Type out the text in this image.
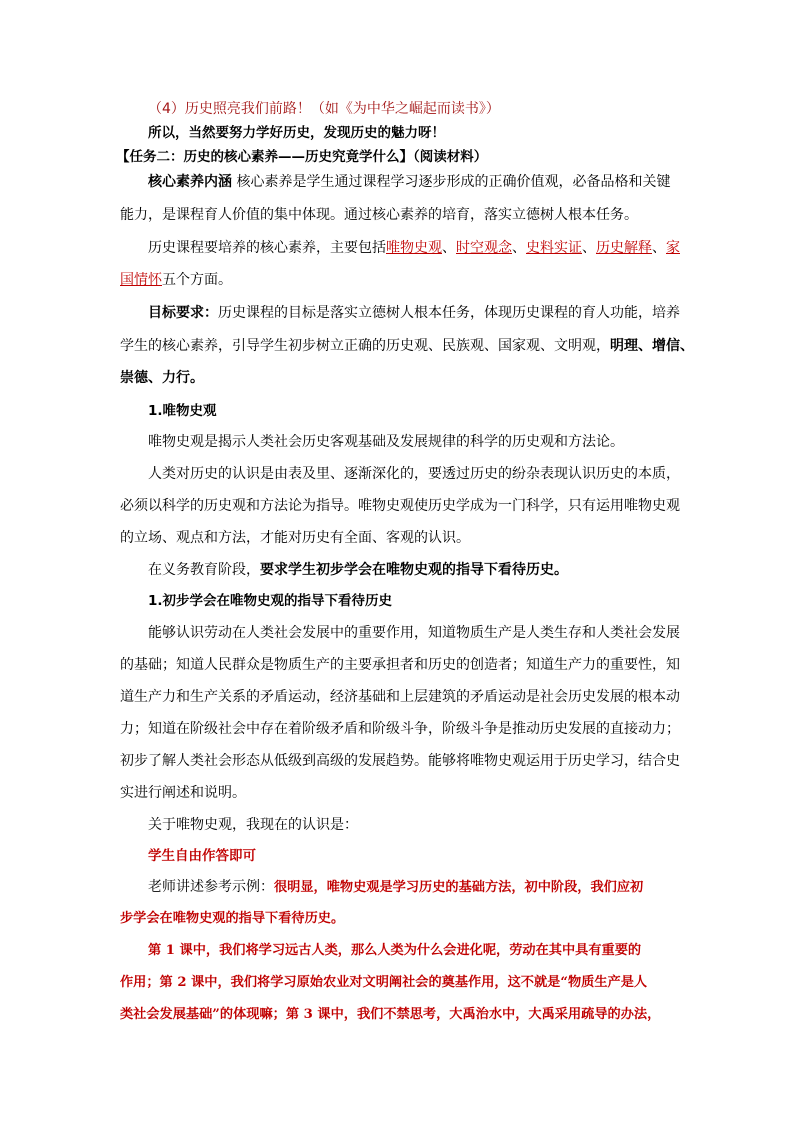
（4）历史照亮我们前路！（如《为中华之崛起而读书》）
所以，当然要努力学好历史，发现历史的魅力呀！
【任务二：历史的核心素养——历史究竟学什么】（阅读材料）
核心素养内涵 核心素养是学生通过课程学习逐步形成的正确价值观，必备品格和关键
能力，是课程育人价值的集中体现。通过核心素养的培育，落实立德树人根本任务。
历史课程要培养的核心素养，主要包括唯物史观、时空观念、史料实证、历史解释、家
国情怀五个方面。
目标要求：历史课程的目标是落实立德树人根本任务，体现历史课程的育人功能，培养
学生的核心素养，引导学生初步树立正确的历史观、民族观、国家观、文明观，明理、增信、
崇德、力行。
1.唯物史观
唯物史观是揭示人类社会历史客观基础及发展规律的科学的历史观和方法论。
人类对历史的认识是由表及里、逐渐深化的，要透过历史的纷杂表现认识历史的本质，
必须以科学的历史观和方法论为指导。唯物史观使历史学成为一门科学，只有运用唯物史观
的立场、观点和方法，才能对历史有全面、客观的认识。
在义务教育阶段，要求学生初步学会在唯物史观的指导下看待历史。
1.初步学会在唯物史观的指导下看待历史
能够认识劳动在人类社会发展中的重要作用，知道物质生产是人类生存和人类社会发展
的基础；知道人民群众是物质生产的主要承担者和历史的创造者；知道生产力的重要性，知
道生产力和生产关系的矛盾运动，经济基础和上层建筑的矛盾运动是社会历史发展的根本动
力；知道在阶级社会中存在着阶级矛盾和阶级斗争，阶级斗争是推动历史发展的直接动力；
初步了解人类社会形态从低级到高级的发展趋势。能够将唯物史观运用于历史学习，结合史
实进行阐述和说明。
关于唯物史观，我现在的认识是：
学生自由作答即可
老师讲述参考示例：很明显，唯物史观是学习历史的基础方法，初中阶段，我们应初
步学会在唯物史观的指导下看待历史。
第 1 课中，我们将学习远古人类，那么人类为什么会进化呢，劳动在其中具有重要的
作用；第 2 课中，我们将学习原始农业对文明阐社会的奠基作用，这不就是“物质生产是人
类社会发展基础”的体现嘛；第 3 课中，我们不禁思考，大禹治水中，大禹采用疏导的办法，
